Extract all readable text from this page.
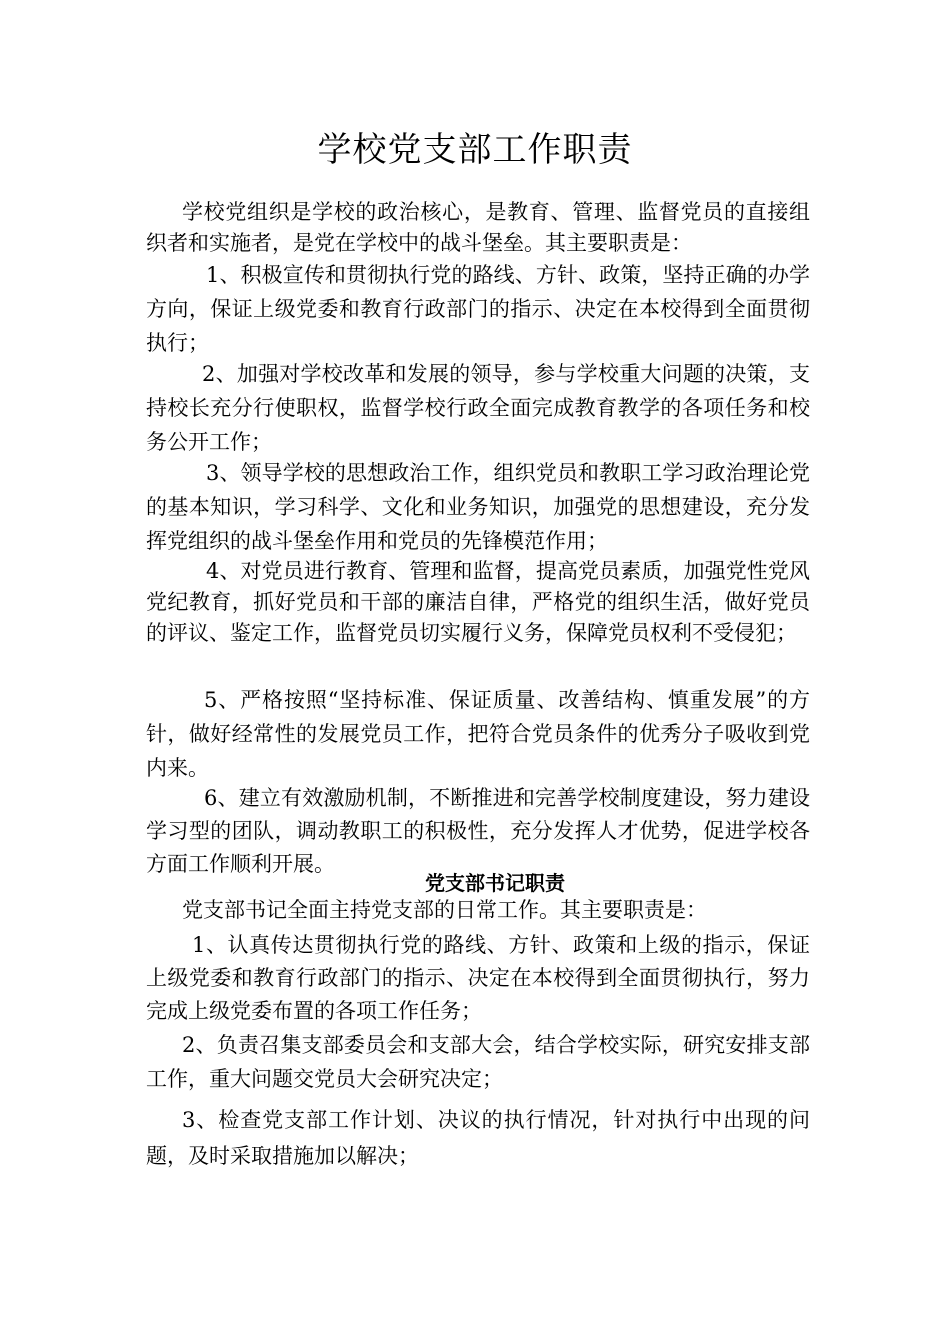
学校党支部工作职责

学校党组织是学校的政治核心，是教育、管理、监督党员的直接组织者和实施者，是党在学校中的战斗堡垒。其主要职责是：

1、积极宣传和贯彻执行党的路线、方针、政策，坚持正确的办学方向，保证上级党委和教育行政部门的指示、决定在本校得到全面贯彻执行；

2、加强对学校改革和发展的领导，参与学校重大问题的决策，支持校长充分行使职权，监督学校行政全面完成教育教学的各项任务和校务公开工作；

3、领导学校的思想政治工作，组织党员和教职工学习政治理论党的基本知识，学习科学、文化和业务知识，加强党的思想建设，充分发挥党组织的战斗堡垒作用和党员的先锋模范作用；

4、对党员进行教育、管理和监督，提高党员素质，加强党性党风党纪教育，抓好党员和干部的廉洁自律，严格党的组织生活，做好党员的评议、鉴定工作，监督党员切实履行义务，保障党员权利不受侵犯；

5、严格按照“坚持标准、保证质量、改善结构、慎重发展”的方针，做好经常性的发展党员工作，把符合党员条件的优秀分子吸收到党内来。

6、建立有效激励机制，不断推进和完善学校制度建设，努力建设学习型的团队，调动教职工的积极性，充分发挥人才优势，促进学校各方面工作顺利开展。

党支部书记职责

党支部书记全面主持党支部的日常工作。其主要职责是：

1、认真传达贯彻执行党的路线、方针、政策和上级的指示，保证上级党委和教育行政部门的指示、决定在本校得到全面贯彻执行，努力完成上级党委布置的各项工作任务；

2、负责召集支部委员会和支部大会，结合学校实际，研究安排支部工作，重大问题交党员大会研究决定；

3、检查党支部工作计划、决议的执行情况，针对执行中出现的问题，及时采取措施加以解决；
